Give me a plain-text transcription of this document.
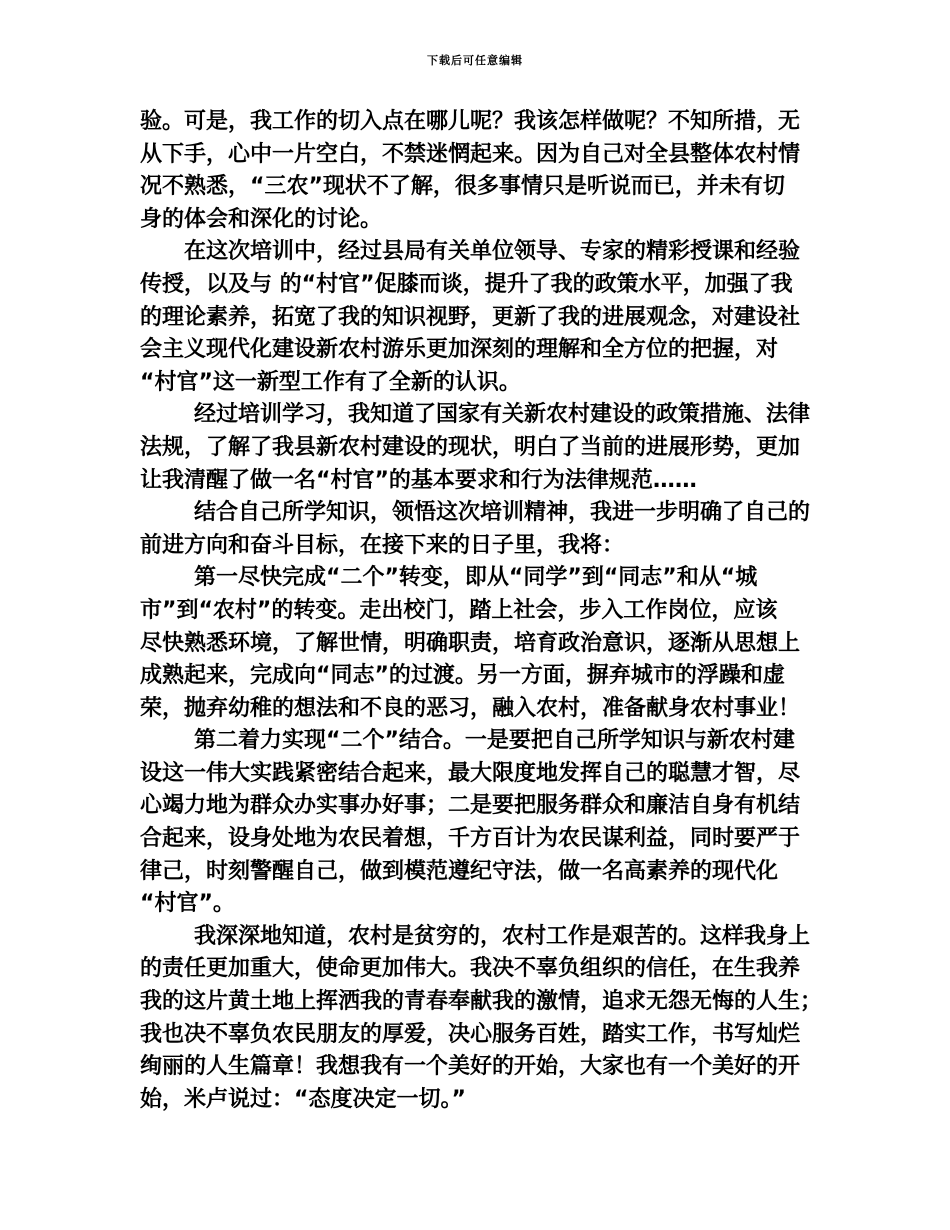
下载后可任意编辑
验。可是，我工作的切入点在哪儿呢？我该怎样做呢？不知所措，无
从下手，心中一片空白，不禁迷惘起来。因为自己对全县整体农村情
况不熟悉，“三农”现状不了解，很多事情只是听说而已，并未有切
身的体会和深化的讨论。
在这次培训中，经过县局有关单位领导、专家的精彩授课和经验
传授，以及与 的“村官”促膝而谈，提升了我的政策水平，加强了我
的理论素养，拓宽了我的知识视野，更新了我的进展观念，对建设社
会主义现代化建设新农村游乐更加深刻的理解和全方位的把握，对
“村官”这一新型工作有了全新的认识。
经过培训学习，我知道了国家有关新农村建设的政策措施、法律
法规，了解了我县新农村建设的现状，明白了当前的进展形势，更加
让我清醒了做一名“村官”的基本要求和行为法律规范……
结合自己所学知识，领悟这次培训精神，我进一步明确了自己的
前进方向和奋斗目标，在接下来的日子里，我将：
第一尽快完成“二个”转变，即从“同学”到“同志”和从“城
市”到“农村”的转变。走出校门，踏上社会，步入工作岗位，应该
尽快熟悉环境，了解世情，明确职责，培育政治意识，逐渐从思想上
成熟起来，完成向“同志”的过渡。另一方面，摒弃城市的浮躁和虚
荣，抛弃幼稚的想法和不良的恶习，融入农村，准备献身农村事业！
第二着力实现“二个”结合。一是要把自己所学知识与新农村建
设这一伟大实践紧密结合起来，最大限度地发挥自己的聪慧才智，尽
心竭力地为群众办实事办好事；二是要把服务群众和廉洁自身有机结
合起来，设身处地为农民着想，千方百计为农民谋利益，同时要严于
律己，时刻警醒自己，做到模范遵纪守法，做一名高素养的现代化
“村官”。
我深深地知道，农村是贫穷的，农村工作是艰苦的。这样我身上
的责任更加重大，使命更加伟大。我决不辜负组织的信任，在生我养
我的这片黄土地上挥洒我的青春奉献我的激情，追求无怨无悔的人生；
我也决不辜负农民朋友的厚爱，决心服务百姓，踏实工作，书写灿烂
绚丽的人生篇章！我想我有一个美好的开始，大家也有一个美好的开
始，米卢说过：“态度决定一切。”
